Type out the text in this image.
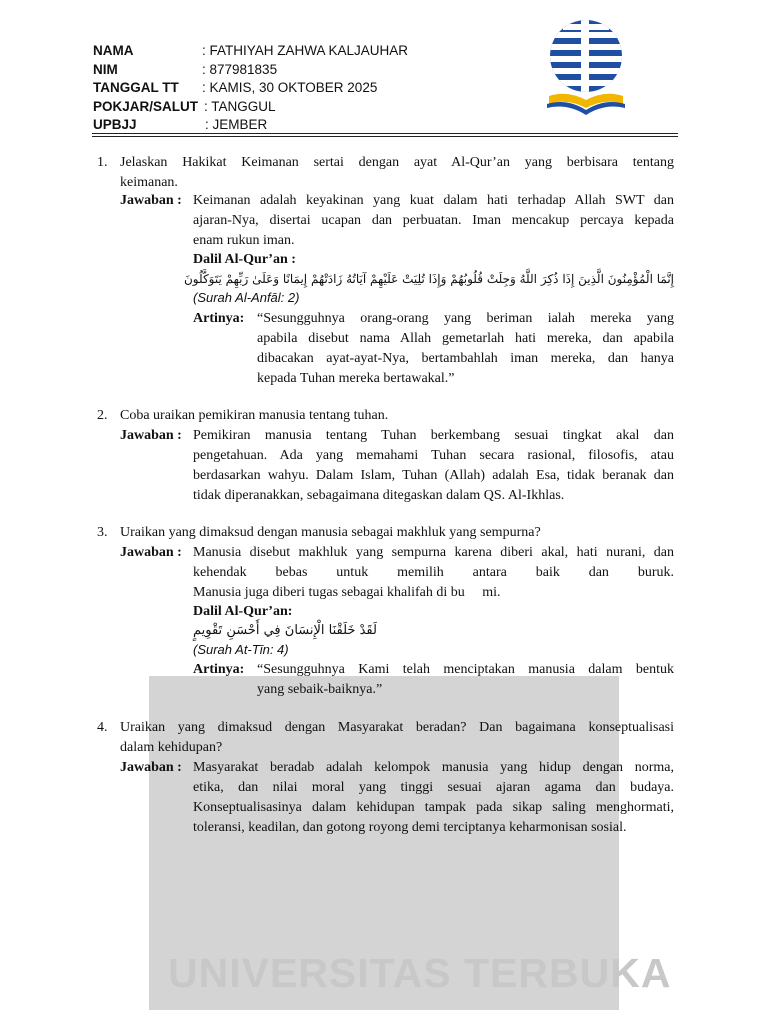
UNIVERSITAS TERBUKA
NAMA	: FATHIYAH ZAHWA KALJAUHAR
NIM	: 877981835
TANGGAL TT : KAMIS, 30 OKTOBER 2025
POKJAR/SALUT : TANGGUL
UPBJJ	: JEMBER
1. Jelaskan Hakikat Keimanan sertai dengan ayat Al-Qur’an yang berbisara tentang
keimanan.
Jawaban : Keimanan adalah keyakinan yang kuat dalam hati terhadap Allah SWT dan
ajaran-Nya, disertai ucapan dan perbuatan. Iman mencakup percaya kepada
enam rukun iman.
Dalil Al-Qur’an :
إِنَّمَا الْمُؤْمِنُونَ الَّذِينَ إِذَا ذُكِرَ اللَّهُ وَجِلَتْ قُلُوبُهُمْ وَإِذَا تُلِيَتْ عَلَيْهِمْ آيَاتُهُ زَادَتْهُمْ إِيمَانًا وَعَلَىٰ رَبِّهِمْ يَتَوَكَّلُونَ
(Surah Al-Anfāl: 2)
Artinya: “Sesungguhnya orang-orang yang beriman ialah mereka yang
apabila disebut nama Allah gemetarlah hati mereka, dan apabila
dibacakan ayat-ayat-Nya, bertambahlah iman mereka, dan hanya
kepada Tuhan mereka bertawakal.”
2. Coba uraikan pemikiran manusia tentang tuhan.
Jawaban : Pemikiran manusia tentang Tuhan berkembang sesuai tingkat akal dan
pengetahuan. Ada yang memahami Tuhan secara rasional, filosofis, atau
berdasarkan wahyu. Dalam Islam, Tuhan (Allah) adalah Esa, tidak beranak dan
tidak diperanakkan, sebagaimana ditegaskan dalam QS. Al-Ikhlas.
3. Uraikan yang dimaksud dengan manusia sebagai makhluk yang sempurna?
Jawaban : Manusia disebut makhluk yang sempurna karena diberi akal, hati nurani, dan
kehendak bebas untuk memilih antara baik dan buruk.
Manusia juga diberi tugas sebagai khalifah di bu     mi.
Dalil Al-Qur’an:
لَقَدْ خَلَقْنَا الْإِنسَانَ فِي أَحْسَنِ تَقْوِيمٍ
(Surah At-Tīn: 4)
Artinya: “Sesungguhnya Kami telah menciptakan manusia dalam bentuk
yang sebaik-baiknya.”
4. Uraikan yang dimaksud dengan Masyarakat beradan? Dan bagaimana konseptualisasi
dalam kehidupan?
Jawaban : Masyarakat beradab adalah kelompok manusia yang hidup dengan norma,
etika, dan nilai moral yang tinggi sesuai ajaran agama dan budaya.
Konseptualisasinya dalam kehidupan tampak pada sikap saling menghormati,
toleransi, keadilan, dan gotong royong demi terciptanya keharmonisan sosial.
